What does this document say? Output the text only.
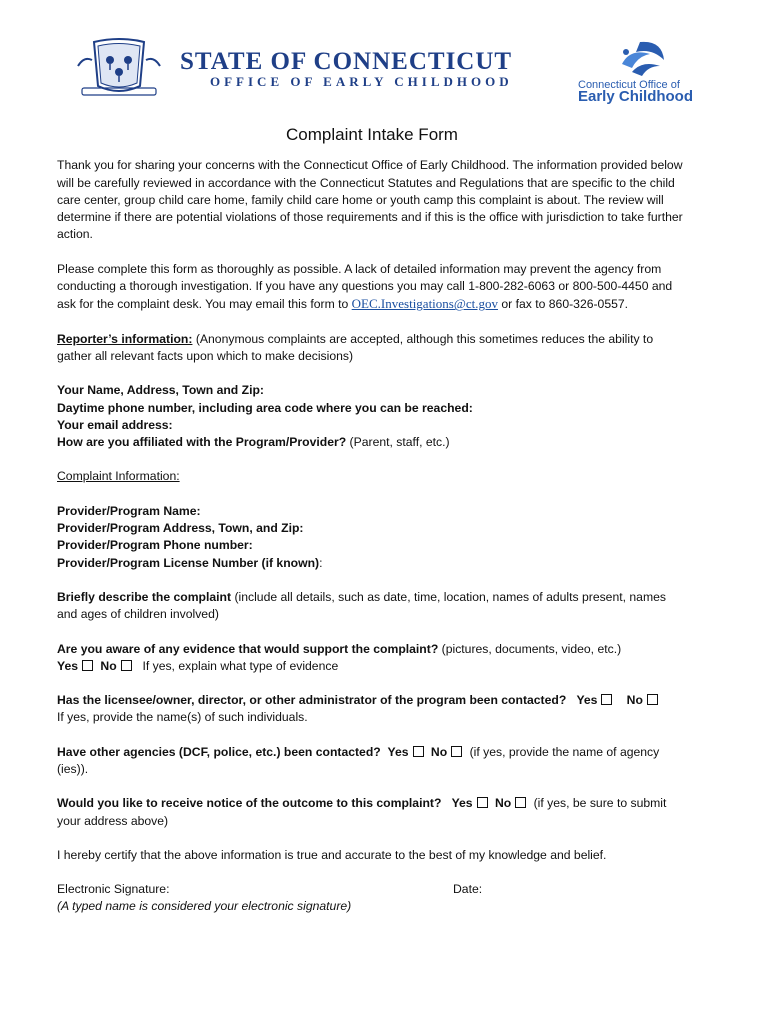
STATE OF CONNECTICUT
OFFICE OF EARLY CHILDHOOD	Connecticut Office of
Early Childhood
Complaint Intake Form

Thank you for sharing your concerns with the Connecticut Office of Early Childhood. The information provided below will be carefully reviewed in accordance with the Connecticut Statutes and Regulations that are specific to the child care center, group child care home, family child care home or youth camp this complaint is about. The review will determine if there are potential violations of those requirements and if this is the office with jurisdiction to take further action.

Please complete this form as thoroughly as possible. A lack of detailed information may prevent the agency from conducting a thorough investigation. If you have any questions you may call 1-800-282-6063 or 800-500-4450 and ask for the complaint desk. You may email this form to OEC.Investigations@ct.gov or fax to 860-326-0557.

Reporter’s information: (Anonymous complaints are accepted, although this sometimes reduces the ability to gather all relevant facts upon which to make decisions)

Your Name, Address, Town and Zip:

Daytime phone number, including area code where you can be reached:

Your email address:

How are you affiliated with the Program/Provider? (Parent, staff, etc.)

Complaint Information:

Provider/Program Name:

Provider/Program Address, Town, and Zip:

Provider/Program Phone number:

Provider/Program License Number (if known):

Briefly describe the complaint (include all details, such as date, time, location, names of adults present, names and ages of children involved)

Are you aware of any evidence that would support the complaint? (pictures, documents, video, etc.)

Yes No If yes, explain what type of evidence

Has the licensee/owner, director, or other administrator of the program been contacted? Yes No

If yes, provide the name(s) of such individuals.

Have other agencies (DCF, police, etc.) been contacted? Yes No (if yes, provide the name of agency (ies)).

Would you like to receive notice of the outcome to this complaint? Yes No (if yes, be sure to submit your address above)

I hereby certify that the above information is true and accurate to the best of my knowledge and belief.

Electronic Signature:	Date:

(A typed name is considered your electronic signature)
